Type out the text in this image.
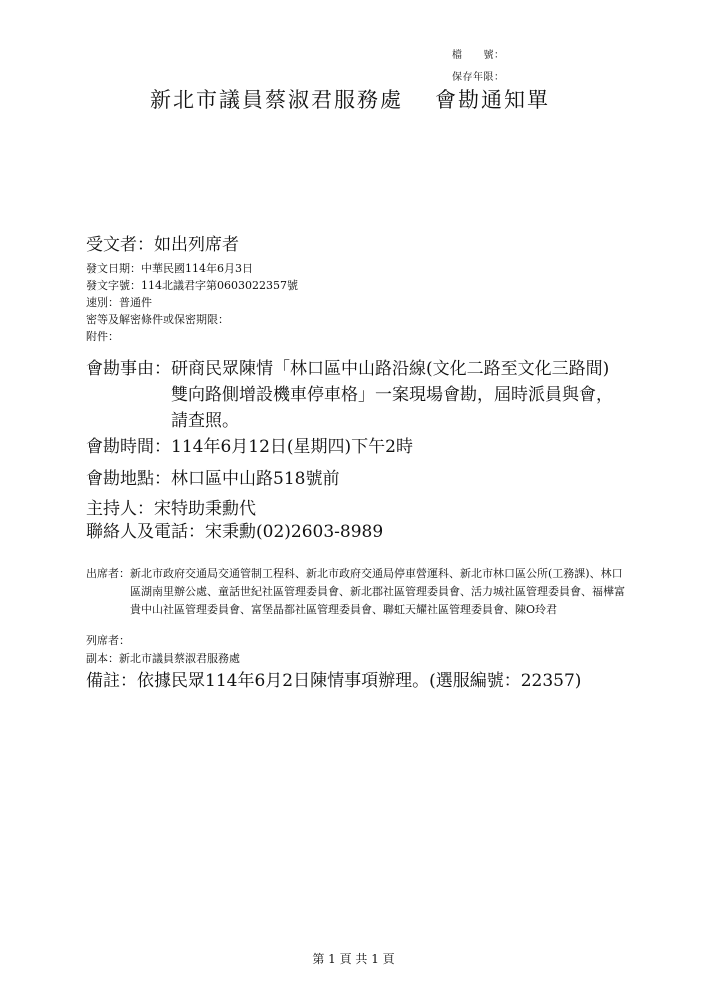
檔　　號：
保存年限：
新北市議員蔡淑君服務處 會勘通知單
受文者：如出列席者
發文日期：中華民國114年6月3日
發文字號：114北議君字第0603022357號
速別：普通件
密等及解密條件或保密期限：
附件：
會勘事由： 研商民眾陳情「林口區中山路沿線(文化二路至文化三路間)雙向路側增設機車停車格」一案現場會勘，屆時派員與會，請查照。
會勘時間：114年6月12日(星期四)下午2時
會勘地點：林口區中山路518號前
主持人：宋特助秉勳代
聯絡人及電話：宋秉勳(02)2603-8989
出席者： 新北市政府交通局交通管制工程科、新北市政府交通局停車營運科、新北市林口區公所(工務課)、林口區湖南里辦公處、童話世紀社區管理委員會、新北郡社區管理委員會、活力城社區管理委員會、福樺富貴中山社區管理委員會、富堡晶都社區管理委員會、聯虹天耀社區管理委員會、陳O玲君
列席者：
副本：新北市議員蔡淑君服務處
備註：依據民眾114年6月2日陳情事項辦理。(選服編號：22357)
第 1 頁 共 1 頁
